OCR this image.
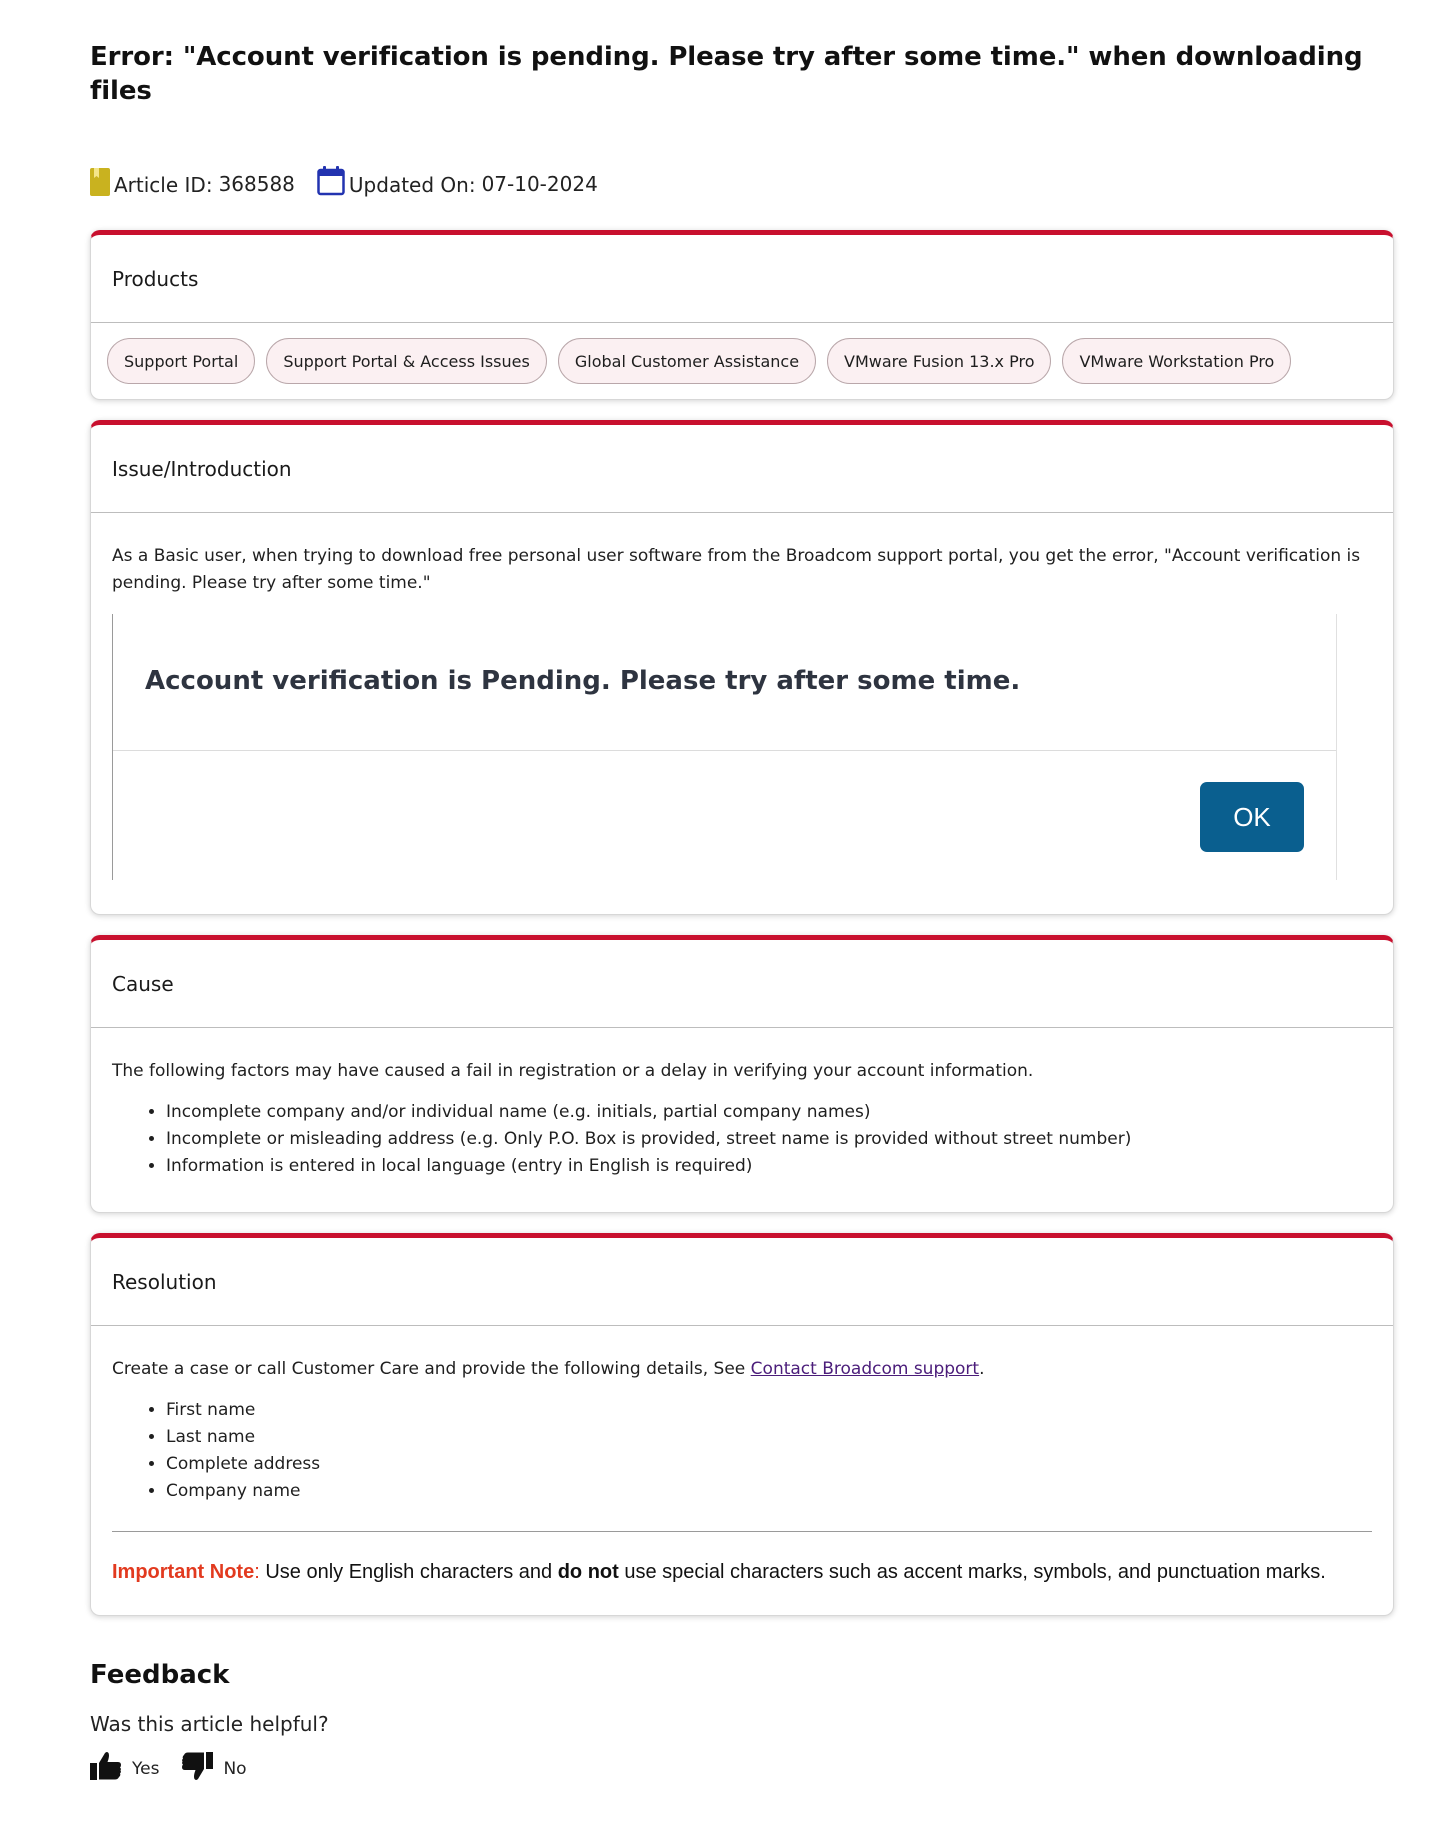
Error: "Account verification is pending. Please try after some time." when downloading files
Article ID: 368588	Updated On: 07-10-2024
Products
Support Portal	Support Portal & Access Issues	Global Customer Assistance	VMware Fusion 13.x Pro	VMware Workstation Pro
Issue/Introduction

As a Basic user, when trying to download free personal user software from the Broadcom support portal, you get the error, "Account verification is pending. Please try after some time."

Account verification is Pending. Please try after some time.
OK
Cause

The following factors may have caused a fail in registration or a delay in verifying your account information.

• Incomplete company and/or individual name (e.g. initials, partial company names)
• Incomplete or misleading address (e.g. Only P.O. Box is provided, street name is provided without street number)
• Information is entered in local language (entry in English is required)
Resolution

Create a case or call Customer Care and provide the following details, See Contact Broadcom support.

• First name
• Last name
• Complete address
• Company name

Important Note: Use only English characters and do not use special characters such as accent marks, symbols, and punctuation marks.

Feedback
Was this article helpful?
Yes	No
